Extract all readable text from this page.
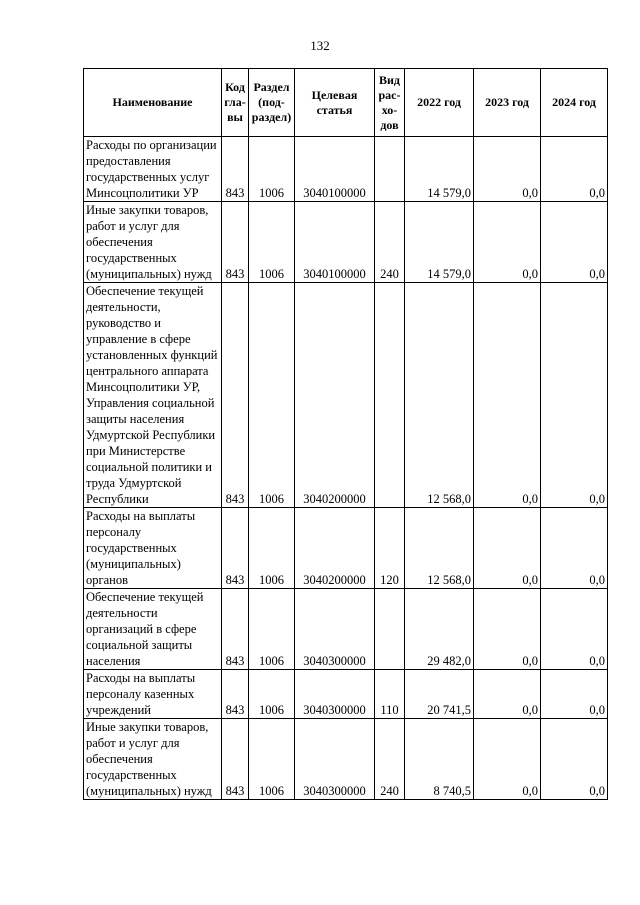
132
Наименование	Код гла-вы	Раздел (под-раздел)	Целевая статья	Вид рас-хо-дов	2022 год	2023 год	2024 год
Расходы по организации предоставления государственных услуг Минсоцполитики УР	843	1006	3040100000		14 579,0	0,0	0,0
Иные закупки товаров, работ и услуг для обеспечения государственных (муниципальных) нужд	843	1006	3040100000	240	14 579,0	0,0	0,0
Обеспечение текущей деятельности, руководство и управление в сфере установленных функций центрального аппарата Минсоцполитики УР, Управления социальной защиты населения Удмуртской Республики при Министерстве социальной политики и труда Удмуртской Республики	843	1006	3040200000		12 568,0	0,0	0,0
Расходы на выплаты персоналу государственных (муниципальных) органов	843	1006	3040200000	120	12 568,0	0,0	0,0
Обеспечение текущей деятельности организаций в сфере социальной защиты населения	843	1006	3040300000		29 482,0	0,0	0,0
Расходы на выплаты персоналу казенных учреждений	843	1006	3040300000	110	20 741,5	0,0	0,0
Иные закупки товаров, работ и услуг для обеспечения государственных (муниципальных) нужд	843	1006	3040300000	240	8 740,5	0,0	0,0
